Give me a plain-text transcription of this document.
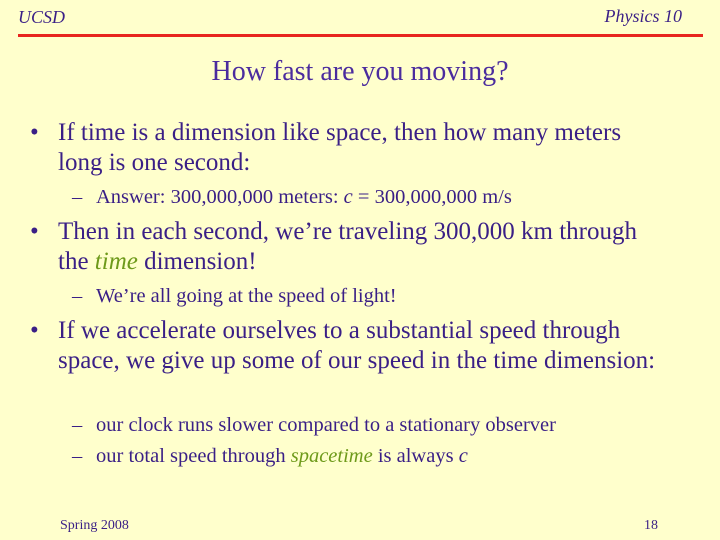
UCSD	Physics 10
How fast are you moving?
• If time is a dimension like space, then how many meters long is one second:
– Answer: 300,000,000 meters: c = 300,000,000 m/s
• Then in each second, we’re traveling 300,000 km through the time dimension!
– We’re all going at the speed of light!
• If we accelerate ourselves to a substantial speed through space, we give up some of our speed in the time dimension:
– our clock runs slower compared to a stationary observer
– our total speed through spacetime is always c
Spring 2008	18
